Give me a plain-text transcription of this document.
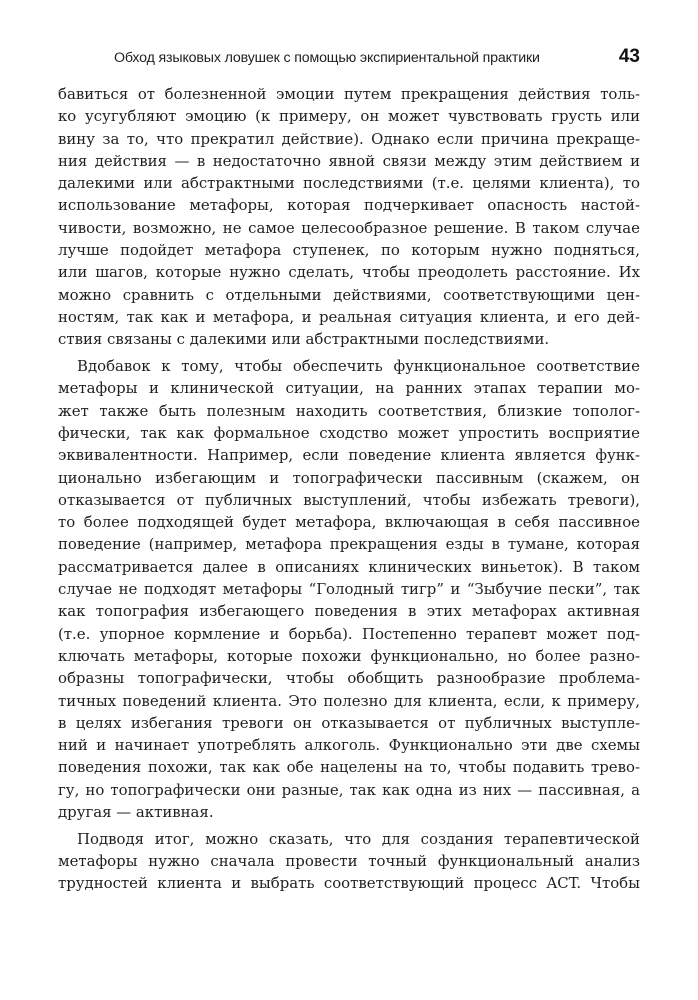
Обход языковых ловушек с помощью экспириентальной практики	43
бавиться от болезненной эмоции путем прекращения действия толь-
ко усугубляют эмоцию (к примеру, он может чувствовать грусть или
вину за то, что прекратил действие). Однако если причина прекраще-
ния действия — в недостаточно явной связи между этим действием и
далекими или абстрактными последствиями (т.е. целями клиента), то
использование метафоры, которая подчеркивает опасность настой-
чивости, возможно, не самое целесообразное решение. В таком случае
лучше подойдет метафора ступенек, по которым нужно подняться,
или шагов, которые нужно сделать, чтобы преодолеть расстояние. Их
можно сравнить с отдельными действиями, соответствующими цен-
ностям, так как и метафора, и реальная ситуация клиента, и его дей-
ствия связаны с далекими или абстрактными последствиями.
Вдобавок к тому, чтобы обеспечить функциональное соответствие
метафоры и клинической ситуации, на ранних этапах терапии мо-
жет также быть полезным находить соответствия, близкие тополог-
фически, так как формальное сходство может упростить восприятие
эквивалентности. Например, если поведение клиента является функ-
ционально избегающим и топографически пассивным (скажем, он
отказывается от публичных выступлений, чтобы избежать тревоги),
то более подходящей будет метафора, включающая в себя пассивное
поведение (например, метафора прекращения езды в тумане, которая
рассматривается далее в описаниях клинических виньеток). В таком
случае не подходят метафоры “Голодный тигр” и “Зыбучие пески”, так
как топография избегающего поведения в этих метафорах активная
(т.е. упорное кормление и борьба). Постепенно терапевт может под-
ключать метафоры, которые похожи функционально, но более разно-
образны топографически, чтобы обобщить разнообразие проблема-
тичных поведений клиента. Это полезно для клиента, если, к примеру,
в целях избегания тревоги он отказывается от публичных выступле-
ний и начинает употреблять алкоголь. Функционально эти две схемы
поведения похожи, так как обе нацелены на то, чтобы подавить трево-
гу, но топографически они разные, так как одна из них — пассивная, а
другая — активная.
Подводя итог, можно сказать, что для создания терапевтической
метафоры нужно сначала провести точный функциональный анализ
трудностей клиента и выбрать соответствующий процесс ACT. Чтобы
